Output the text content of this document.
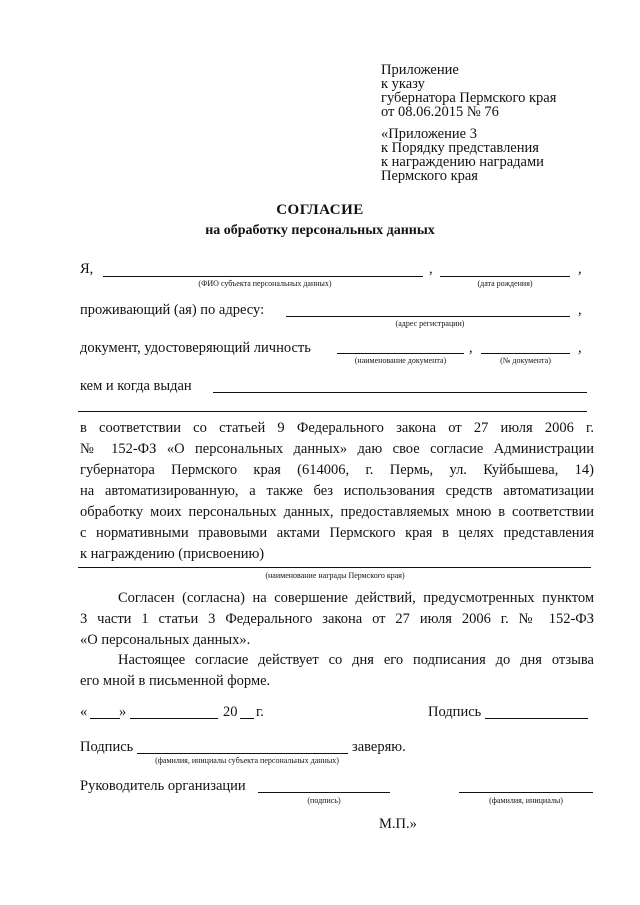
Приложение
к указу
губернатора Пермского края
от 08.06.2015 № 76
«Приложение 3
к Порядку представления
к награждению наградами
Пермского края
СОГЛАСИЕ
на обработку персональных данных
Я,	,	,
(ФИО субъекта персональных данных)	(дата рождения)
проживающий (ая) по адресу:	,
(адрес регистрации)
документ, удостоверяющий личность	,	,
(наименование документа)	(№ документа)
кем и когда выдан
в соответствии со статьей 9 Федерального закона от 27 июля 2006 г.
№ 152-ФЗ «О персональных данных» даю свое согласие Администрации
губернатора Пермского края (614006, г. Пермь, ул. Куйбышева, 14)
на автоматизированную, а также без использования средств автоматизации
обработку моих персональных данных, предоставляемых мною в соответствии
с нормативными правовыми актами Пермского края в целях представления
к награждению (присвоению)
(наименование награды Пермского края)
Согласен (согласна) на совершение действий, предусмотренных пунктом
3 части 1 статьи 3 Федерального закона от 27 июля 2006 г. № 152-ФЗ
«О персональных данных».
Настоящее согласие действует со дня его подписания до дня отзыва
его мной в письменной форме.
« »	20 г.	Подпись
Подпись	заверяю.
(фамилия, инициалы субъекта персональных данных)
Руководитель организации
(подпись)	(фамилия, инициалы)
М.П.»
